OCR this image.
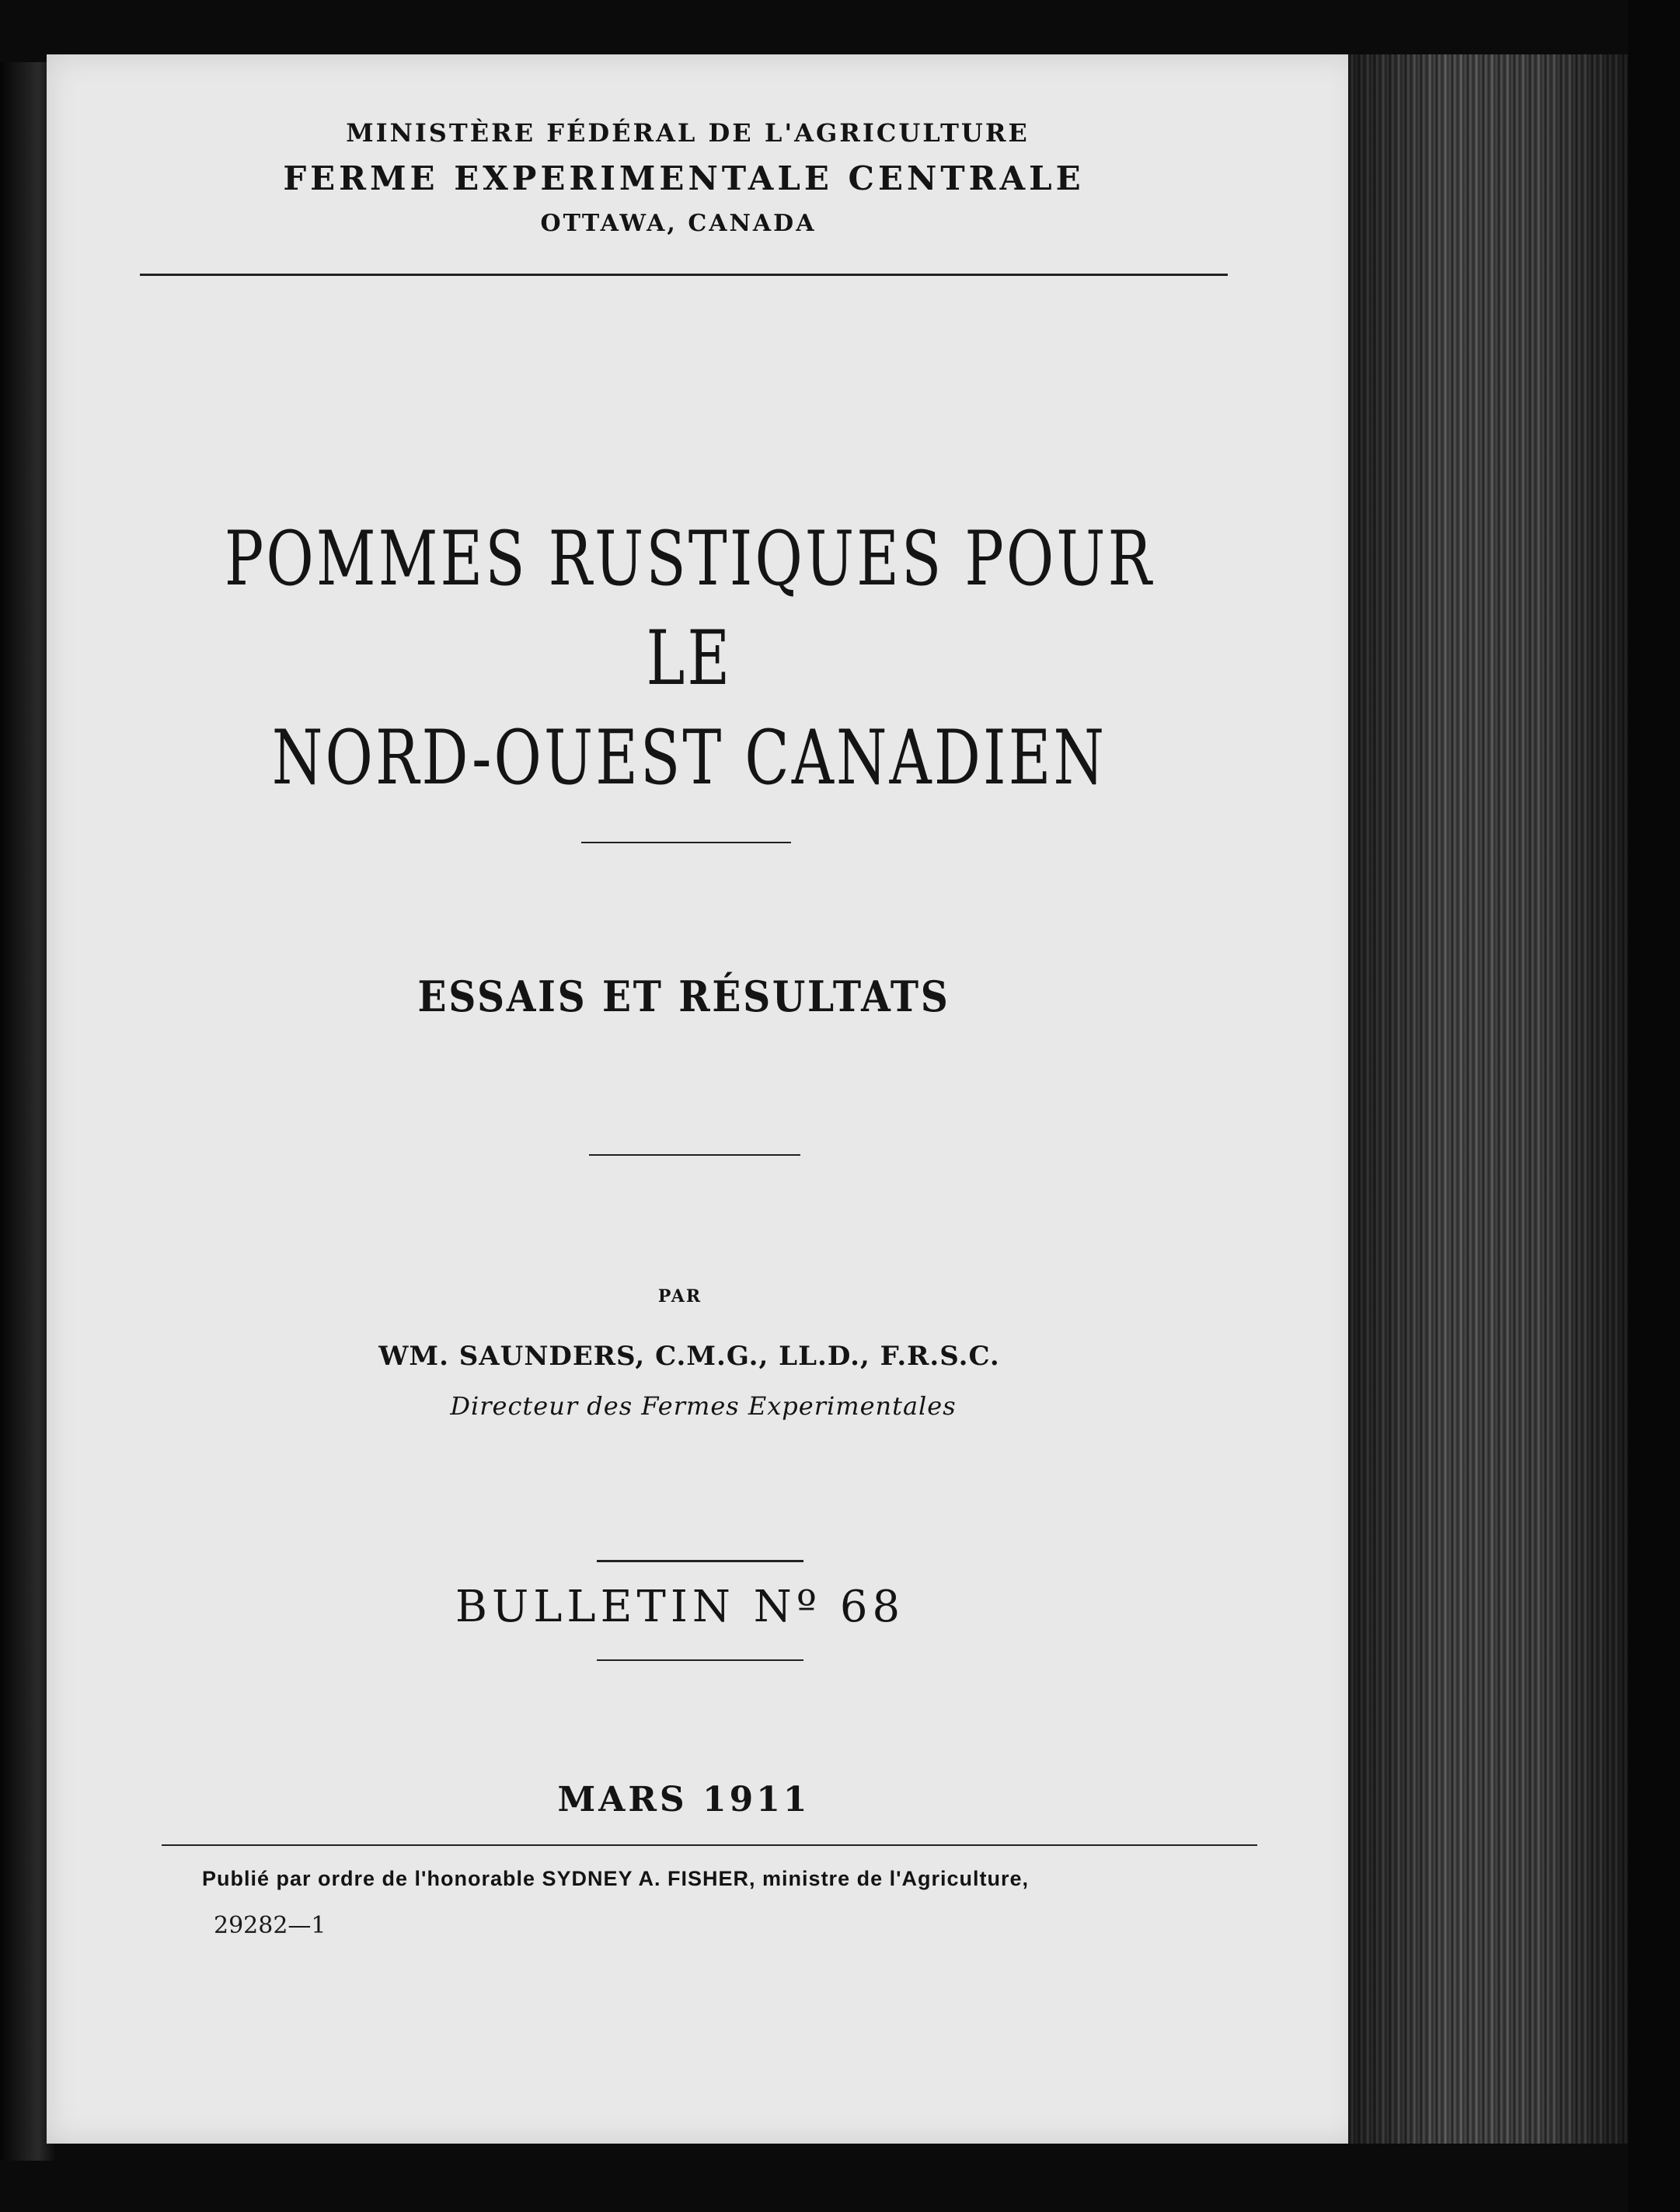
MINISTÈRE FÉDÉRAL DE L'AGRICULTURE
FERME EXPERIMENTALE CENTRALE
OTTAWA, CANADA
POMMES RUSTIQUES POUR LE
NORD-OUEST CANADIEN
ESSAIS ET RÉSULTATS
PAR
WM. SAUNDERS, C.M.G., LL.D., F.R.S.C.
Directeur des Fermes Experimentales
BULLETIN Nº 68
MARS 1911
Publié par ordre de l'honorable SYDNEY A. FISHER, ministre de l'Agriculture,
29282—1
